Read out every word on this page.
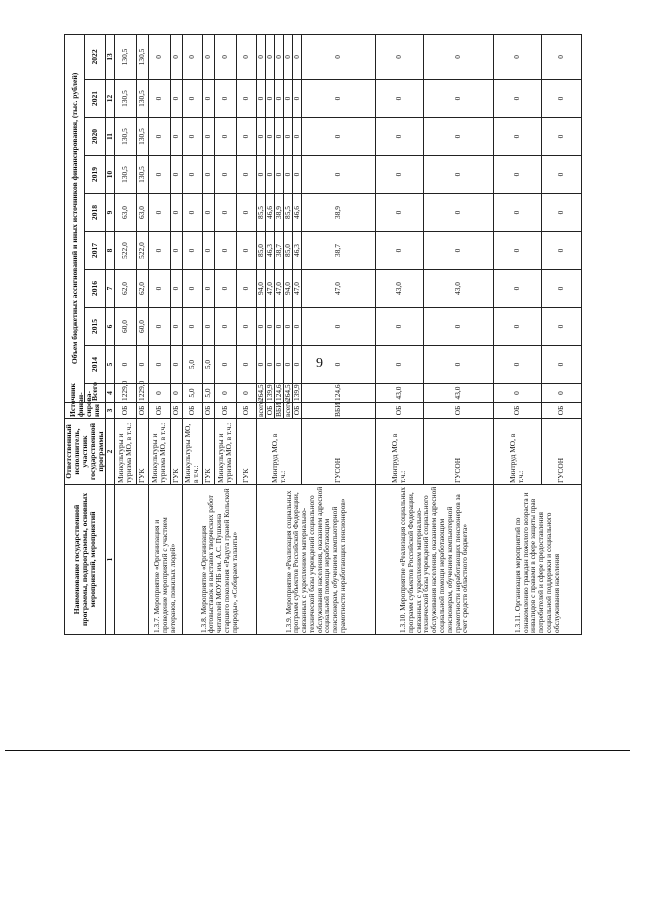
9
Наименование государственной программы, подпрограммы, основных мероприятий, мероприятий	Ответственный исполнитель, участник государственной программы	Источник финан-сирова-ния	Объем бюджетных ассигнований и иных источников финансирования, (тыс. рублей)									
			Всего	2014	2015	2016	2017	2018	2019	2020	2021	2022
1	2	3	4	5	6	7	8	9	10	11	12	13
	Минкультуры и туризма МО, в т.ч.:	ОБ	1229,0	0	60,0	62,0	522,0	63,0	130,5	130,5	130,5	130,5
	ГУК	ОБ	1229,0	0	60,0	62,0	522,0	63,0	130,5	130,5	130,5	130,5
1.3.7. Мероприятие «Организация и проведение мероприятий с участием ветеранов, пожилых людей»	Минкультуры и туризма МО, в т.ч.:	ОБ	0	0	0	0	0	0	0	0	0	0
	ГУК	ОБ	0	0	0	0	0	0	0	0	0	0
1.3.8. Мероприятие «Организация фотовыставок и выставок творческих работ читателей МОУНБ им. А.С. Пушкина старшего поколения «Радуга граней Кольской природы», «Собираем таланты»	Минкультуры МО, в т.ч.:	ОБ	5,0	5,0	0	0	0	0	0	0	0	0
	ГУК	ОБ	5,0	5,0	0	0	0	0	0	0	0	0
	Минкультуры и туризма МО, в т.ч.:	ОБ	0	0	0	0	0	0	0	0	0	0
	ГУК	ОБ	0	0	0	0	0	0	0	0	0	0
1.3.9. Мероприятие «Реализация социальных программ субъектов Российской Федерации, связанных с укреплением материально-технической базы учреждений социального обслуживания населения, оказанием адресной социальной помощи неработающим пенсионерам, обучением компьютерной грамотности неработающих пенсионеров»	Минтруд МО, в т.ч.:	всего:	264,5	0	0	94,0	85,0	85,5	0	0	0	0
		ОБ	139,9	0	0	47,0	46,3	46,6	0	0	0	0
		ВБИ	124,6	0	0	47,0	38,7	38,9	0	0	0	0
		всего:	264,5	0	0	94,0	85,0	85,5	0	0	0	0
		ОБ	139,9	0	0	47,0	46,3	46,6	0	0	0	0
	ГУСОН	ВБИ	124,6	0	0	47,0	38,7	38,9	0	0	0	0
1.3.10. Мероприятие «Реализация социальных программ субъектов Российской Федерации, связанных с укреплением материально-технической базы учреждений социального обслуживания населения, оказанием адресной социальной помощи неработающим пенсионерам, обучением компьютерной грамотности неработающих пенсионеров за счет средств областного бюджета»	Минтруд МО, в т.ч.:	ОБ	43,0	0	0	43,0	0	0	0	0	0	0
	ГУСОН	ОБ	43,0	0	0	43,0	0	0	0	0	0	0
1.3.11. Организация мероприятий по ознакомлению граждан пожилого возраста и инвалидов с правами в сфере защиты прав потребителей и сфере предоставления социальной поддержки и социального обслуживания населения	Минтруд МО, в т.ч.:	ОБ	0	0	0	0	0	0	0	0	0	0
	ГУСОН	ОБ	0	0	0	0	0	0	0	0	0	0
